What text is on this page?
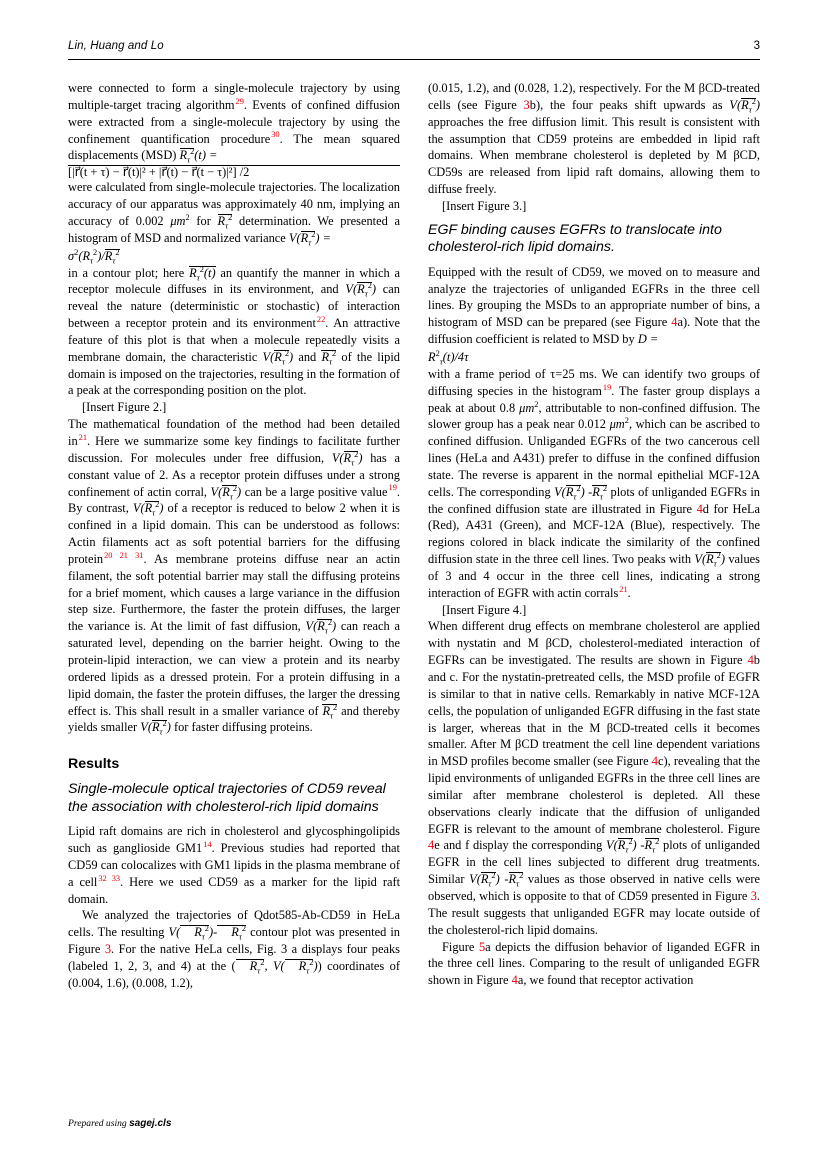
Lin, Huang and Lo	3

were connected to form a single-molecule trajectory by using multiple-target tracing algorithm$^{29}$. Events of confined diffusion were extracted from a single-molecule trajectory by using the confinement quantification procedure$^{30}$. The mean squared displacements (MSD) $R_\tau^2(t)$ =
[|r⃗(t + τ) − r⃗(t)|² + |r⃗(t) − r⃗(t − τ)|²] /2
were calculated from single-molecule trajectories. The localization accuracy of our apparatus was approximately 40 nm, implying an accuracy of 0.002 $\mu m^2$ for $R_\tau^2$ determination. We presented a histogram of MSD and normalized variance $V(R_\tau^2)$ =
$\sigma^2(R_\tau^2)/R_\tau^2$
in a contour plot; here $R_\tau^2(t)$ an quantify the manner in which a receptor molecule diffuses in its environment, and $V(R_\tau^2)$ can reveal the nature (deterministic or stochastic) of interaction between a receptor protein and its environment$^{22}$. An attractive feature of this plot is that when a molecule repeatedly visits a membrane domain, the characteristic $V(R_\tau^2)$ and $R_\tau^2$ of the lipid domain is imposed on the trajectories, resulting in the formation of a peak at the corresponding position on the plot.

[Insert Figure 2.]

The mathematical foundation of the method had been detailed in$^{21}$. Here we summarize some key findings to facilitate further discussion. For molecules under free diffusion, $V(R_\tau^2)$ has a constant value of 2. As a receptor protein diffuses under a strong confinement of actin corral, $V(R_\tau^2)$ can be a large positive value$^{19}$. By contrast, $V(R_\tau^2)$ of a receptor is reduced to below 2 when it is confined in a lipid domain. This can be understood as follows: Actin filaments act as soft potential barriers for the diffusing protein$^{20 21 31}$. As membrane proteins diffuse near an actin filament, the soft potential barrier may stall the diffusing proteins for a brief moment, which causes a large variance in the diffusion step size. Furthermore, the faster the protein diffuses, the larger the variance is. At the limit of fast diffusion, $V(R_\tau^2)$ can reach a saturated level, depending on the barrier height. Owing to the protein-lipid interaction, we can view a protein and its nearby ordered lipids as a dressed protein. For a protein diffusing in a lipid domain, the faster the protein diffuses, the larger the dressing effect is. This shall result in a smaller variance of $R_\tau^2$ and thereby yields smaller $V(R_\tau^2)$ for faster diffusing proteins.

Results
Single-molecule optical trajectories of CD59 reveal the association with cholesterol-rich lipid domains

Lipid raft domains are rich in cholesterol and glycosphingolipids such as ganglioside GM1$^{14}$. Previous studies had reported that CD59 can colocalizes with GM1 lipids in the plasma membrane of a cell$^{32 33}$. Here we used CD59 as a marker for the lipid raft domain.

We analyzed the trajectories of Qdot585-Ab-CD59 in HeLa cells. The resulting V( $R_\tau^2)-$ $R_\tau^2$ contour plot was presented in Figure 3. For the native HeLa cells, Fig. 3 a displays four peaks (labeled 1, 2, 3, and 4) at the ( $R_\tau^2$, V( $R_\tau^2$)) coordinates of (0.004, 1.6), (0.008, 1.2),

(0.015, 1.2), and (0.028, 1.2), respectively. For the M βCD-treated cells (see Figure 3b), the four peaks shift upwards as $V(R_\tau^2)$ approaches the free diffusion limit. This result is consistent with the assumption that CD59 proteins are embedded in lipid raft domains. When membrane cholesterol is depleted by M βCD, CD59s are released from lipid raft domains, allowing them to diffuse freely.

[Insert Figure 3.]

EGF binding causes EGFRs to translocate into cholesterol-rich lipid domains.

Equipped with the result of CD59, we moved on to measure and analyze the trajectories of unliganded EGFRs in the three cell lines. By grouping the MSDs to an appropriate number of bins, a histogram of MSD can be prepared (see Figure 4a). Note that the diffusion coefficient is related to MSD by D =
$R^2_\tau(t)/4\tau$
with a frame period of τ=25 ms. We can identify two groups of diffusing species in the histogram$^{19}$. The faster group displays a peak at about 0.8 $\mu m^2$, attributable to non-confined diffusion. The slower group has a peak near 0.012 $\mu m^2$, which can be ascribed to confined diffusion. Unliganded EGFRs of the two cancerous cell lines (HeLa and A431) prefer to diffuse in the confined diffusion state. The reverse is apparent in the normal epithelial MCF-12A cells. The corresponding $V(R_\tau^2)$ $-R_\tau^2$ plots of unliganded EGFRs in the confined diffusion state are illustrated in Figure 4d for HeLa (Red), A431 (Green), and MCF-12A (Blue), respectively. The regions colored in black indicate the similarity of the confined diffusion state in the three cell lines. Two peaks with $V(R_\tau^2)$ values of 3 and 4 occur in the three cell lines, indicating a strong interaction of EGFR with actin corrals$^{21}$.

[Insert Figure 4.]

When different drug effects on membrane cholesterol are applied with nystatin and M βCD, cholesterol-mediated interaction of EGFRs can be investigated. The results are shown in Figure 4b and c. For the nystatin-pretreated cells, the MSD profile of EGFR is similar to that in native cells. Remarkably in native MCF-12A cells, the population of unliganded EGFR diffusing in the fast state is larger, whereas that in the M βCD-treated cells it becomes smaller. After M βCD treatment the cell line dependent variations in MSD profiles become smaller (see Figure 4c), revealing that the lipid environments of unliganded EGFRs in the three cell lines are similar after membrane cholesterol is depleted. All these observations clearly indicate that the diffusion of unliganded EGFR is relevant to the amount of membrane cholesterol. Figure 4e and f display the corresponding $V(R_\tau^2)$ $-R_\tau^2$ plots of unliganded EGFR in the cell lines subjected to different drug treatments. Similar $V(R_\tau^2)$ $-R_\tau^2$ values as those observed in native cells were observed, which is opposite to that of CD59 presented in Figure 3. The result suggests that unliganded EGFR may locate outside of the cholesterol-rich lipid domains.

Figure 5a depicts the diffusion behavior of liganded EGFR in the three cell lines. Comparing to the result of unliganded EGFR shown in Figure 4a, we found that receptor activation

Prepared using sagej.cls
